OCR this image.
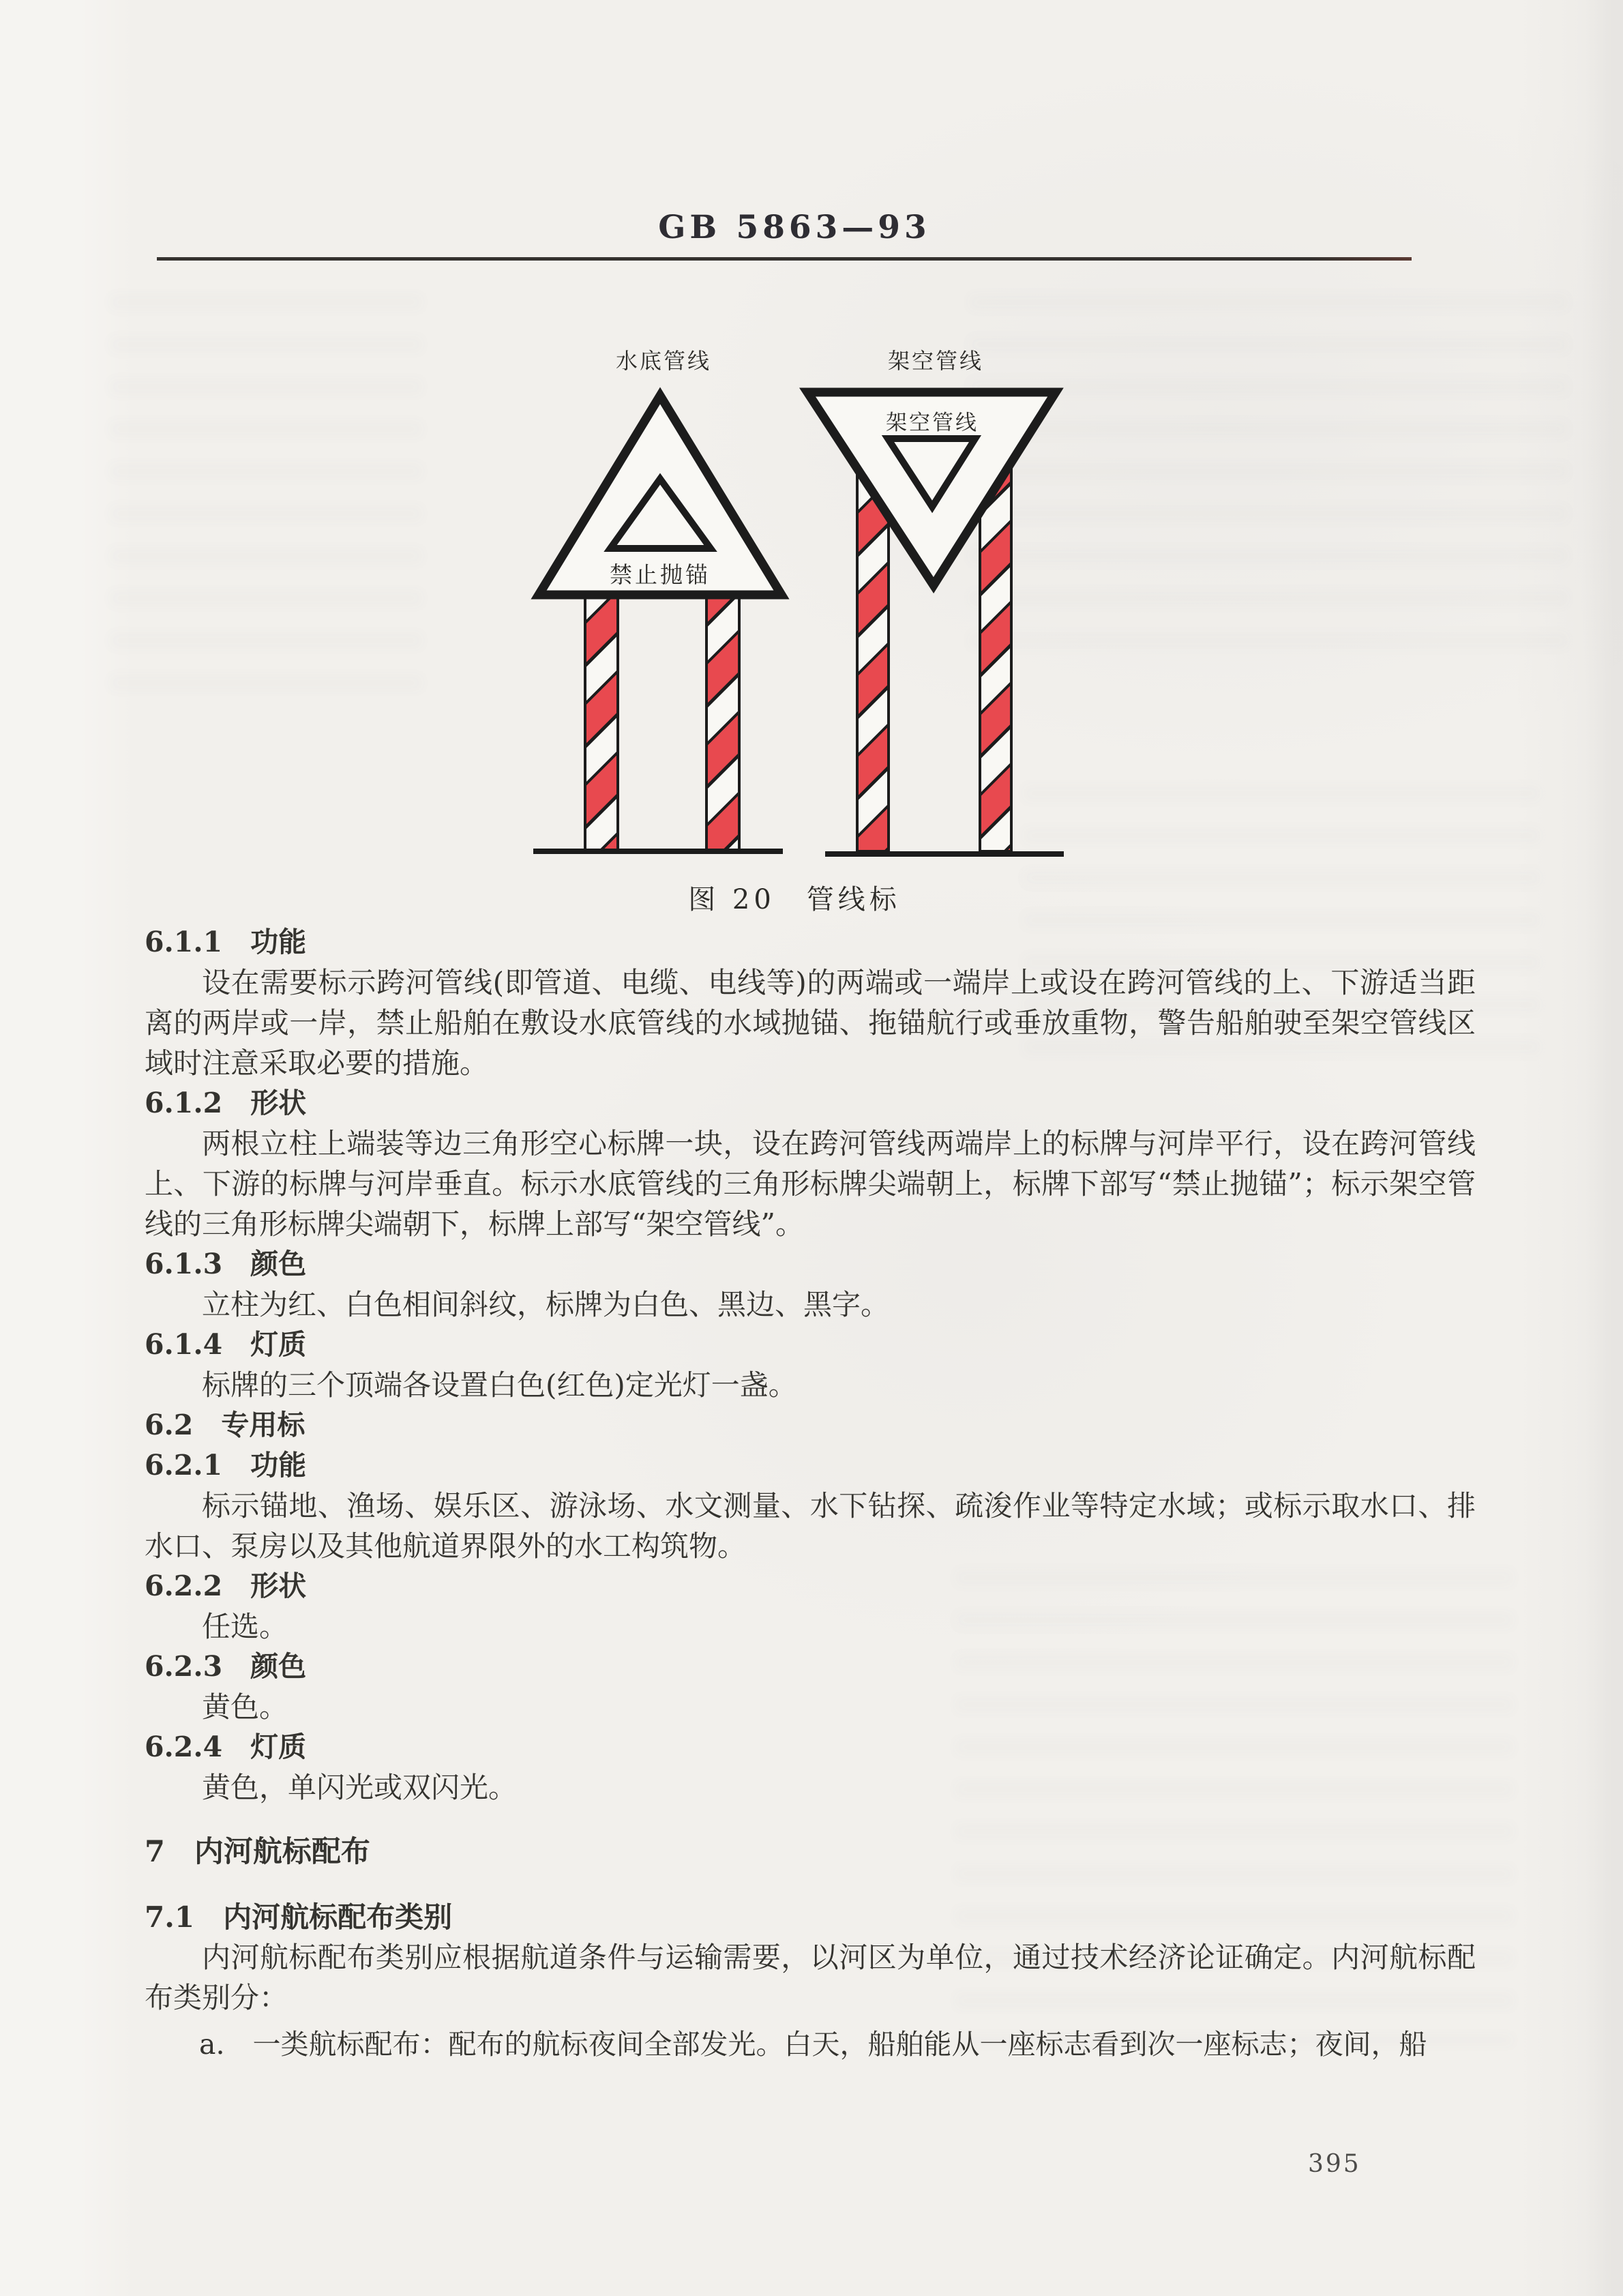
GB 5863—93
水底管线
禁止抛锚
架空管线
架空管线
图 20　管线标
6.1.1　功能
设在需要标示跨河管线(即管道、电缆、电线等)的两端或一端岸上或设在跨河管线的上、下游适当距离的两岸或一岸，禁止船舶在敷设水底管线的水域抛锚、拖锚航行或垂放重物，警告船舶驶至架空管线区域时注意采取必要的措施。
6.1.2　形状
两根立柱上端装等边三角形空心标牌一块，设在跨河管线两端岸上的标牌与河岸平行，设在跨河管线上、下游的标牌与河岸垂直。标示水底管线的三角形标牌尖端朝上，标牌下部写“禁止抛锚”；标示架空管线的三角形标牌尖端朝下，标牌上部写“架空管线”。
6.1.3　颜色
立柱为红、白色相间斜纹，标牌为白色、黑边、黑字。
6.1.4　灯质
标牌的三个顶端各设置白色(红色)定光灯一盏。
6.2　专用标
6.2.1　功能
标示锚地、渔场、娱乐区、游泳场、水文测量、水下钻探、疏浚作业等特定水域；或标示取水口、排水口、泵房以及其他航道界限外的水工构筑物。
6.2.2　形状
任选。
6.2.3　颜色
黄色。
6.2.4　灯质
黄色，单闪光或双闪光。
7　内河航标配布
7.1　内河航标配布类别
内河航标配布类别应根据航道条件与运输需要，以河区为单位，通过技术经济论证确定。内河航标配布类别分：
a.　一类航标配布：配布的航标夜间全部发光。白天，船舶能从一座标志看到次一座标志；夜间，船
395
